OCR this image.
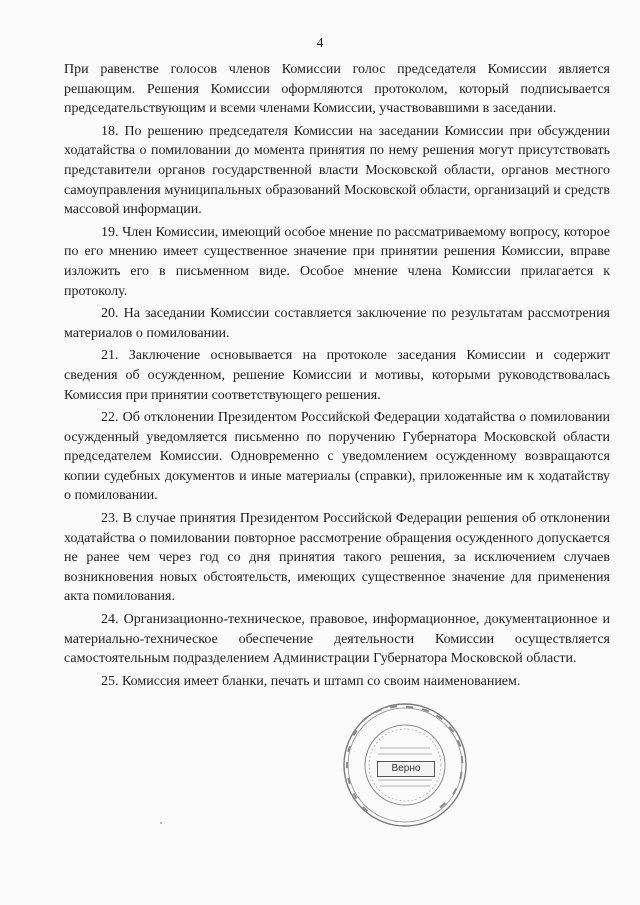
4

При равенстве голосов членов Комиссии голос председателя Комиссии является решающим. Решения Комиссии оформляются протоколом, который подписывается председательствующим и всеми членами Комиссии, участвовавшими в заседании.

18. По решению председателя Комиссии на заседании Комиссии при обсуждении ходатайства о помиловании до момента принятия по нему решения могут присутствовать представители органов государственной власти Московской области, органов местного самоуправления муниципальных образований Московской области, организаций и средств массовой информации.

19. Член Комиссии, имеющий особое мнение по рассматриваемому вопросу, которое по его мнению имеет существенное значение при принятии решения Комиссии, вправе изложить его в письменном виде. Особое мнение члена Комиссии прилагается к протоколу.

20. На заседании Комиссии составляется заключение по результатам рассмотрения материалов о помиловании.

21. Заключение основывается на протоколе заседания Комиссии и содержит сведения об осужденном, решение Комиссии и мотивы, которыми руководствовалась Комиссия при принятии соответствующего решения.

22. Об отклонении Президентом Российской Федерации ходатайства о помиловании осужденный уведомляется письменно по поручению Губернатора Московской области председателем Комиссии. Одновременно с уведомлением осужденному возвращаются копии судебных документов и иные материалы (справки), приложенные им к ходатайству о помиловании.

23. В случае принятия Президентом Российской Федерации решения об отклонении ходатайства о помиловании повторное рассмотрение обращения осужденного допускается не ранее чем через год со дня принятия такого решения, за исключением случаев возникновения новых обстоятельств, имеющих существенное значение для применения акта помилования.

24. Организационно-техническое, правовое, информационное, документационное и материально-техническое обеспечение деятельности Комиссии осуществляется самостоятельным подразделением Администрации Губернатора Московской области.

25. Комиссия имеет бланки, печать и штамп со своим наименованием.

Верно
